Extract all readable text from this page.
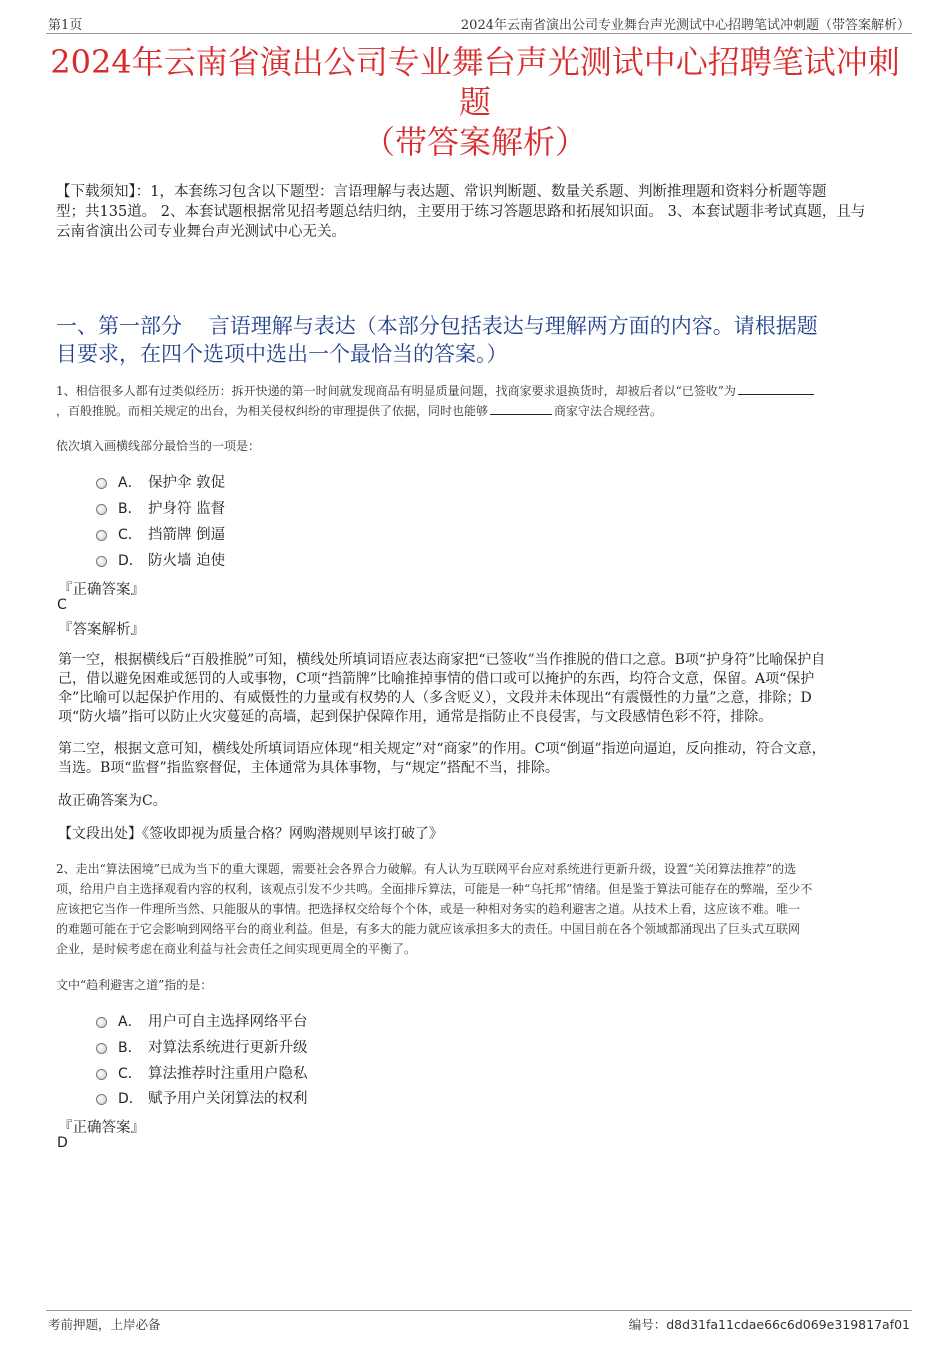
第1页	2024年云南省演出公司专业舞台声光测试中心招聘笔试冲刺题（带答案解析）
2024年云南省演出公司专业舞台声光测试中心招聘笔试冲刺题
（带答案解析）
【下载须知】：1，本套练习包含以下题型：言语理解与表达题、常识判断题、数量关系题、判断推理题和资料分析题等题
型；共135道。 2、本套试题根据常见招考题总结归纳，主要用于练习答题思路和拓展知识面。 3、本套试题非考试真题，且与
云南省演出公司专业舞台声光测试中心无关。
一、第一部分    言语理解与表达（本部分包括表达与理解两方面的内容。请根据题
目要求，在四个选项中选出一个最恰当的答案。）
1、相信很多人都有过类似经历：拆开快递的第一时间就发现商品有明显质量问题，找商家要求退换货时，却被后者以“已签收”为
，百般推脱。而相关规定的出台，为相关侵权纠纷的审理提供了依据，同时也能够	商家守法合规经营。
依次填入画横线部分最恰当的一项是：
A． 保护伞 敦促
B． 护身符 监督
C． 挡箭牌 倒逼
D． 防火墙 迫使
『正确答案』
C
『答案解析』
第一空，根据横线后“百般推脱”可知，横线处所填词语应表达商家把“已签收”当作推脱的借口之意。B项“护身符”比喻保护自
己，借以避免困难或惩罚的人或事物，C项“挡箭牌”比喻推掉事情的借口或可以掩护的东西，均符合文意，保留。A项“保护
伞”比喻可以起保护作用的、有威慑性的力量或有权势的人（多含贬义），文段并未体现出“有震慑性的力量”之意，排除；D
项“防火墙”指可以防止火灾蔓延的高墙，起到保护保障作用，通常是指防止不良侵害，与文段感情色彩不符，排除。
第二空，根据文意可知，横线处所填词语应体现“相关规定”对“商家”的作用。C项“倒逼”指逆向逼迫，反向推动，符合文意，
当选。B项“监督”指监察督促，主体通常为具体事物，与“规定”搭配不当，排除。
故正确答案为C。
【文段出处】《签收即视为质量合格？网购潜规则早该打破了》
2、走出“算法困境”已成为当下的重大课题，需要社会各界合力破解。有人认为互联网平台应对系统进行更新升级，设置“关闭算法推荐”的选
项，给用户自主选择观看内容的权利，该观点引发不少共鸣。全面排斥算法，可能是一种“乌托邦”情绪。但是鉴于算法可能存在的弊端，至少不
应该把它当作一件理所当然、只能服从的事情。把选择权交给每个个体，或是一种相对务实的趋利避害之道。从技术上看，这应该不难。唯一
的难题可能在于它会影响到网络平台的商业利益。但是，有多大的能力就应该承担多大的责任。中国目前在各个领域都涌现出了巨头式互联网
企业，是时候考虑在商业利益与社会责任之间实现更周全的平衡了。
文中“趋利避害之道”指的是：
A． 用户可自主选择网络平台
B． 对算法系统进行更新升级
C． 算法推荐时注重用户隐私
D． 赋予用户关闭算法的权利
『正确答案』
D
考前押题，上岸必备	编号：d8d31fa11cdae66c6d069e319817af01
